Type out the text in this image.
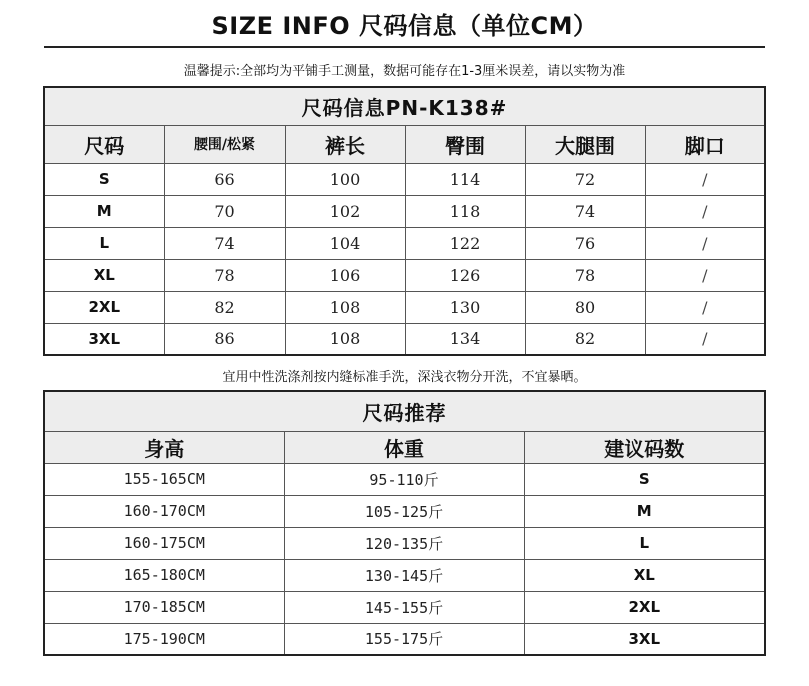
SIZE INFO 尺码信息（单位CM）
温馨提示:全部均为平铺手工测量，数据可能存在1-3厘米误差，请以实物为准
尺码信息PN-K138#					
尺码	腰围/松紧	裤长	臀围	大腿围	脚口
S	66	100	114	72	/
M	70	102	118	74	/
L	74	104	122	76	/
XL	78	106	126	78	/
2XL	82	108	130	80	/
3XL	86	108	134	82	/
宜用中性洗涤剂按内缝标准手洗，深浅衣物分开洗，不宜暴晒。
尺码推荐		
身高	体重	建议码数
155-165CM	95-110斤	S
160-170CM	105-125斤	M
160-175CM	120-135斤	L
165-180CM	130-145斤	XL
170-185CM	145-155斤	2XL
175-190CM	155-175斤	3XL
